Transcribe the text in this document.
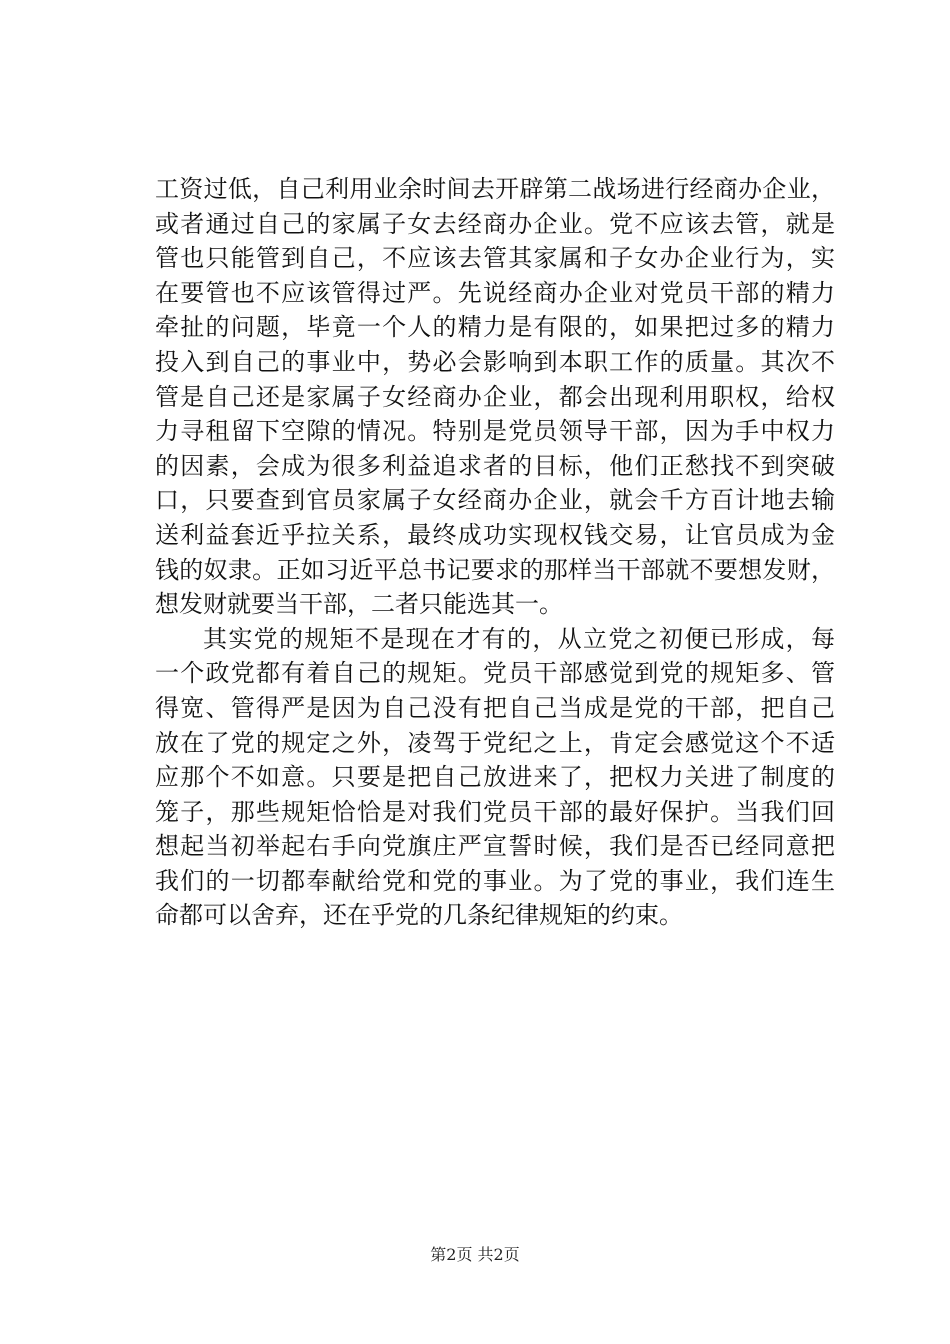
工资过低，自己利用业余时间去开辟第二战场进行经商办企业，
或者通过自己的家属子女去经商办企业。党不应该去管，就是
管也只能管到自己，不应该去管其家属和子女办企业行为，实
在要管也不应该管得过严。先说经商办企业对党员干部的精力
牵扯的问题，毕竟一个人的精力是有限的，如果把过多的精力
投入到自己的事业中，势必会影响到本职工作的质量。其次不
管是自己还是家属子女经商办企业，都会出现利用职权，给权
力寻租留下空隙的情况。特别是党员领导干部，因为手中权力
的因素，会成为很多利益追求者的目标，他们正愁找不到突破
口，只要查到官员家属子女经商办企业，就会千方百计地去输
送利益套近乎拉关系，最终成功实现权钱交易，让官员成为金
钱的奴隶。正如习近平总书记要求的那样当干部就不要想发财，
想发财就要当干部，二者只能选其一。
其实党的规矩不是现在才有的，从立党之初便已形成，每
一个政党都有着自己的规矩。党员干部感觉到党的规矩多、管
得宽、管得严是因为自己没有把自己当成是党的干部，把自己
放在了党的规定之外，凌驾于党纪之上，肯定会感觉这个不适
应那个不如意。只要是把自己放进来了，把权力关进了制度的
笼子，那些规矩恰恰是对我们党员干部的最好保护。当我们回
想起当初举起右手向党旗庄严宣誓时候，我们是否已经同意把
我们的一切都奉献给党和党的事业。为了党的事业，我们连生
命都可以舍弃，还在乎党的几条纪律规矩的约束。
第2页 共2页
